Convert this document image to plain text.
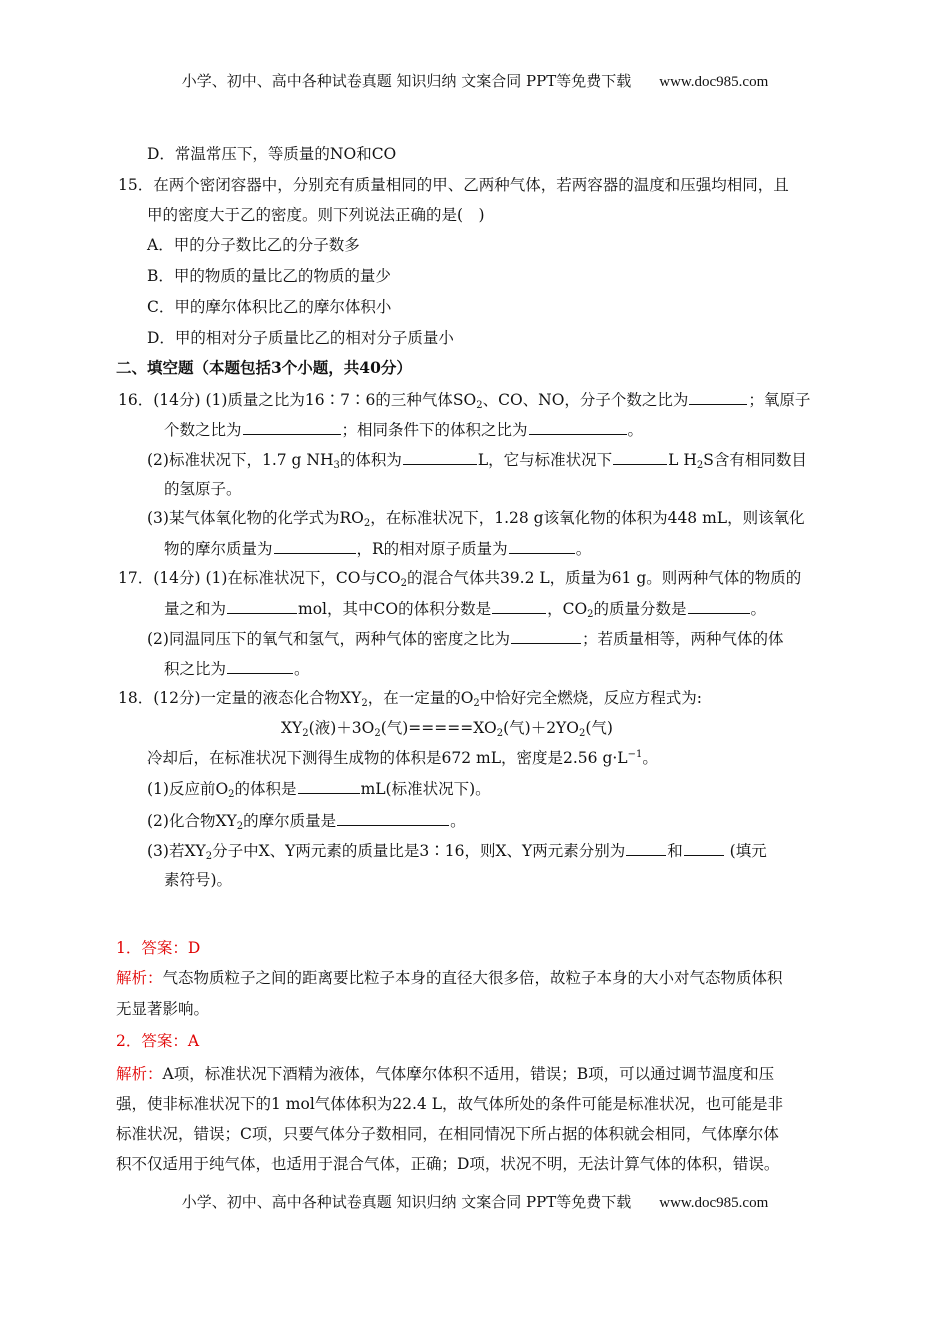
小学、初中、高中各种试卷真题 知识归纳 文案合同 PPT等免费下载 www.doc985.com
D．常温常压下，等质量的NO和CO
15．在两个密闭容器中，分别充有质量相同的甲、乙两种气体，若两容器的温度和压强均相同，且
甲的密度大于乙的密度。则下列说法正确的是(　)
A．甲的分子数比乙的分子数多
B．甲的物质的量比乙的物质的量少
C．甲的摩尔体积比乙的摩尔体积小
D．甲的相对分子质量比乙的相对分子质量小
二、填空题（本题包括3个小题，共40分）
16．(14分) (1)质量之比为16∶7∶6的三种气体$SO_2$、CO、NO，分子个数之比为	；氧原子
个数之比为	；相同条件下的体积之比为	。
(2)标准状况下，1.7 g $NH_3$的体积为	L，它与标准状况下	L $H_2S$含有相同数目
的氢原子。
(3)某气体氧化物的化学式为$RO_2$，在标准状况下，1.28 g该氧化物的体积为448 mL，则该氧化
物的摩尔质量为	，R的相对原子质量为	。
17．(14分) (1)在标准状况下，CO与$CO_2$的混合气体共39.2 L，质量为61 g。则两种气体的物质的
量之和为	mol，其中CO的体积分数是	，$CO_2$的质量分数是	。
(2)同温同压下的氧气和氢气，两种气体的密度之比为	；若质量相等，两种气体的体
积之比为	。
18．(12分)一定量的液态化合物$XY_2$，在一定量的$O_2$中恰好完全燃烧，反应方程式为:
$XY_2$(液)$+3O_2$(气)$=====XO_2$(气)$+2YO_2$(气)
冷却后，在标准状况下测得生成物的体积是672 mL，密度是2.56 $g\cdot L^{-1}$。
(1)反应前$O_2$的体积是	mL(标准状况下)。
(2)化合物$XY_2$的摩尔质量是	。
(3)若$XY_2$分子中X、Y两元素的质量比是3∶16，则X、Y两元素分别为	和	(填元
素符号)。
1．答案：D
解析：气态物质粒子之间的距离要比粒子本身的直径大很多倍，故粒子本身的大小对气态物质体积
无显著影响。
2．答案：A
解析：A项，标准状况下酒精为液体，气体摩尔体积不适用，错误；B项，可以通过调节温度和压
强，使非标准状况下的1 mol气体体积为22.4 L，故气体所处的条件可能是标准状况，也可能是非
标准状况，错误；C项，只要气体分子数相同，在相同情况下所占据的体积就会相同，气体摩尔体
积不仅适用于纯气体，也适用于混合气体，正确；D项，状况不明，无法计算气体的体积，错误。
小学、初中、高中各种试卷真题 知识归纳 文案合同 PPT等免费下载 www.doc985.com
